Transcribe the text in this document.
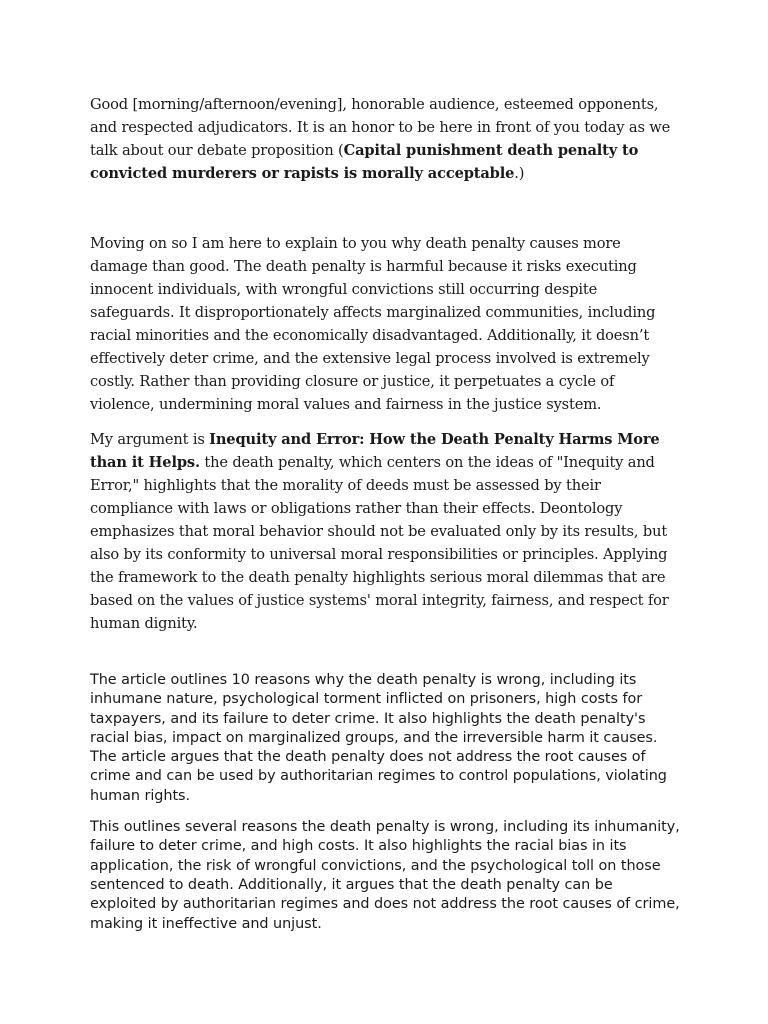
Good [morning/afternoon/evening], honorable audience, esteemed opponents, and respected adjudicators. It is an honor to be here in front of you today as we talk about our debate proposition (Capital punishment death penalty to convicted murderers or rapists is morally acceptable.)

Moving on so I am here to explain to you why death penalty causes more damage than good. The death penalty is harmful because it risks executing innocent individuals, with wrongful convictions still occurring despite safeguards. It disproportionately affects marginalized communities, including racial minorities and the economically disadvantaged. Additionally, it doesn’t effectively deter crime, and the extensive legal process involved is extremely costly. Rather than providing closure or justice, it perpetuates a cycle of violence, undermining moral values and fairness in the justice system.

My argument is Inequity and Error: How the Death Penalty Harms More than it Helps. the death penalty, which centers on the ideas of "Inequity and Error," highlights that the morality of deeds must be assessed by their compliance with laws or obligations rather than their effects. Deontology emphasizes that moral behavior should not be evaluated only by its results, but also by its conformity to universal moral responsibilities or principles. Applying the framework to the death penalty highlights serious moral dilemmas that are based on the values of justice systems' moral integrity, fairness, and respect for human dignity.

The article outlines 10 reasons why the death penalty is wrong, including its inhumane nature, psychological torment inflicted on prisoners, high costs for taxpayers, and its failure to deter crime. It also highlights the death penalty's racial bias, impact on marginalized groups, and the irreversible harm it causes. The article argues that the death penalty does not address the root causes of crime and can be used by authoritarian regimes to control populations, violating human rights.

This outlines several reasons the death penalty is wrong, including its inhumanity, failure to deter crime, and high costs. It also highlights the racial bias in its application, the risk of wrongful convictions, and the psychological toll on those sentenced to death. Additionally, it argues that the death penalty can be exploited by authoritarian regimes and does not address the root causes of crime, making it ineffective and unjust.
